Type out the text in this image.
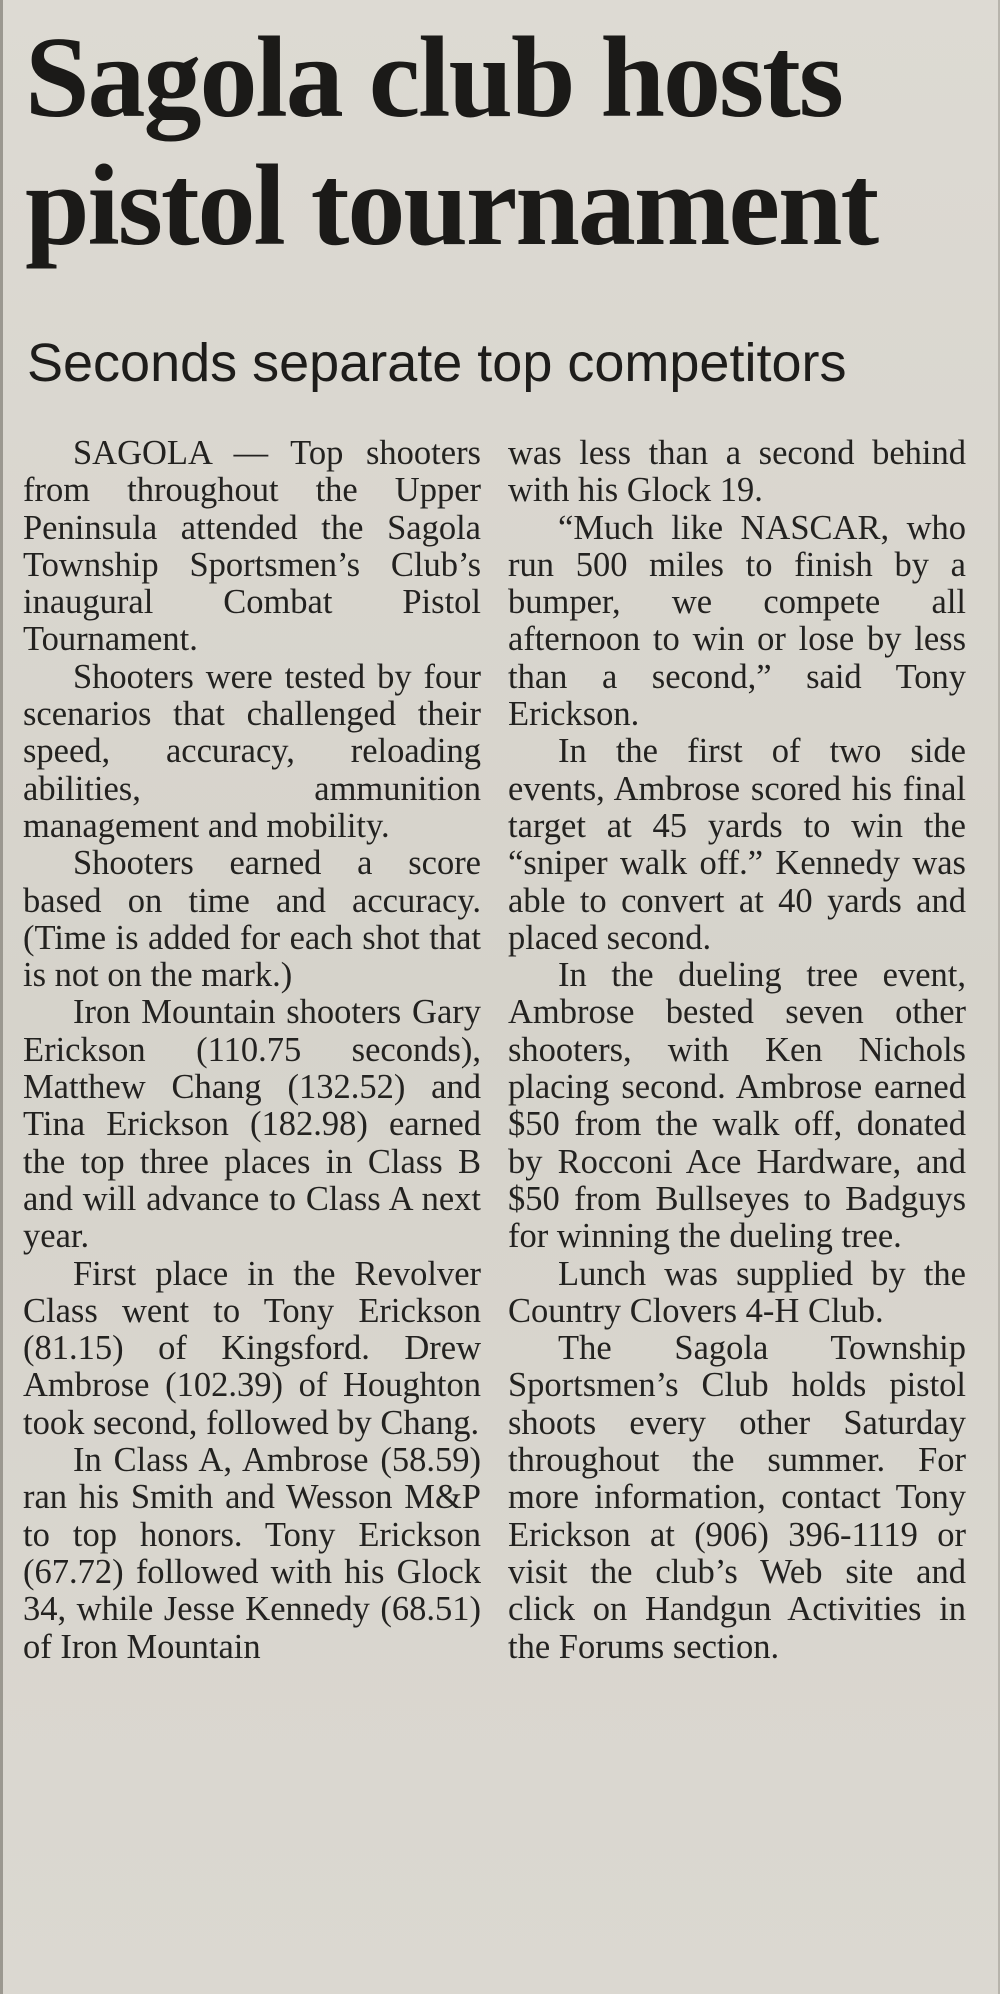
Sagola club hosts pistol tournament
Seconds separate top competitors

SAGOLA — Top shooters from throughout the Upper Peninsula attended the Sagola Township Sportsmen’s Club’s inaugural Combat Pistol Tournament.

Shooters were tested by four scenarios that challenged their speed, accuracy, reloading abilities, ammunition management and mobility.

Shooters earned a score based on time and accuracy. (Time is added for each shot that is not on the mark.)

Iron Mountain shooters Gary Erickson (110.75 seconds), Matthew Chang (132.52) and Tina Erickson (182.98) earned the top three places in Class B and will advance to Class A next year.

First place in the Revolver Class went to Tony Erickson (81.15) of Kingsford. Drew Ambrose (102.39) of Houghton took second, followed by Chang.

In Class A, Ambrose (58.59) ran his Smith and Wesson M&P to top honors. Tony Erickson (67.72) followed with his Glock 34, while Jesse Kennedy (68.51) of Iron Mountain

was less than a second behind with his Glock 19.

“Much like NASCAR, who run 500 miles to finish by a bumper, we compete all afternoon to win or lose by less than a second,” said Tony Erickson.

In the first of two side events, Ambrose scored his final target at 45 yards to win the “sniper walk off.” Kennedy was able to convert at 40 yards and placed second.

In the dueling tree event, Ambrose bested seven other shooters, with Ken Nichols placing second. Ambrose earned $50 from the walk off, donated by Rocconi Ace Hardware, and $50 from Bullseyes to Badguys for winning the dueling tree.

Lunch was supplied by the Country Clovers 4-H Club.

The Sagola Township Sportsmen’s Club holds pistol shoots every other Saturday throughout the summer. For more information, contact Tony Erickson at (906) 396-1119 or visit the club’s Web site and click on Handgun Activities in the Forums section.
